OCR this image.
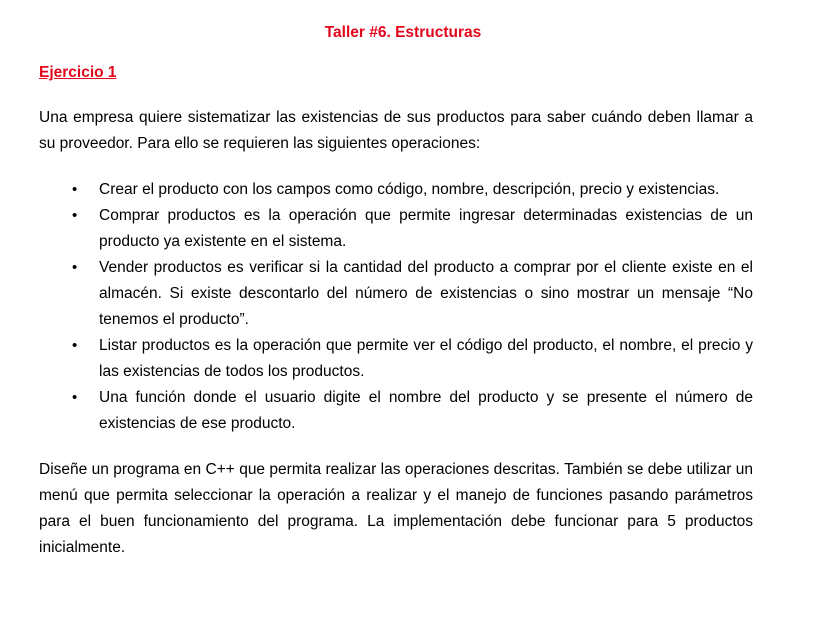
Taller #6. Estructuras
Ejercicio 1

Una empresa quiere sistematizar las existencias de sus productos para saber cuándo deben llamar a su proveedor. Para ello se requieren las siguientes operaciones:

• Crear el producto con los campos como código, nombre, descripción, precio y existencias.
• Comprar productos es la operación que permite ingresar determinadas existencias de un producto ya existente en el sistema.
• Vender productos es verificar si la cantidad del producto a comprar por el cliente existe en el almacén. Si existe descontarlo del número de existencias o sino mostrar un mensaje “No tenemos el producto”.
• Listar productos es la operación que permite ver el código del producto, el nombre, el precio y las existencias de todos los productos.
• Una función donde el usuario digite el nombre del producto y se presente el número de existencias de ese producto.

Diseñe un programa en C++ que permita realizar las operaciones descritas. También se debe utilizar un menú que permita seleccionar la operación a realizar y el manejo de funciones pasando parámetros para el buen funcionamiento del programa. La implementación debe funcionar para 5 productos inicialmente.
